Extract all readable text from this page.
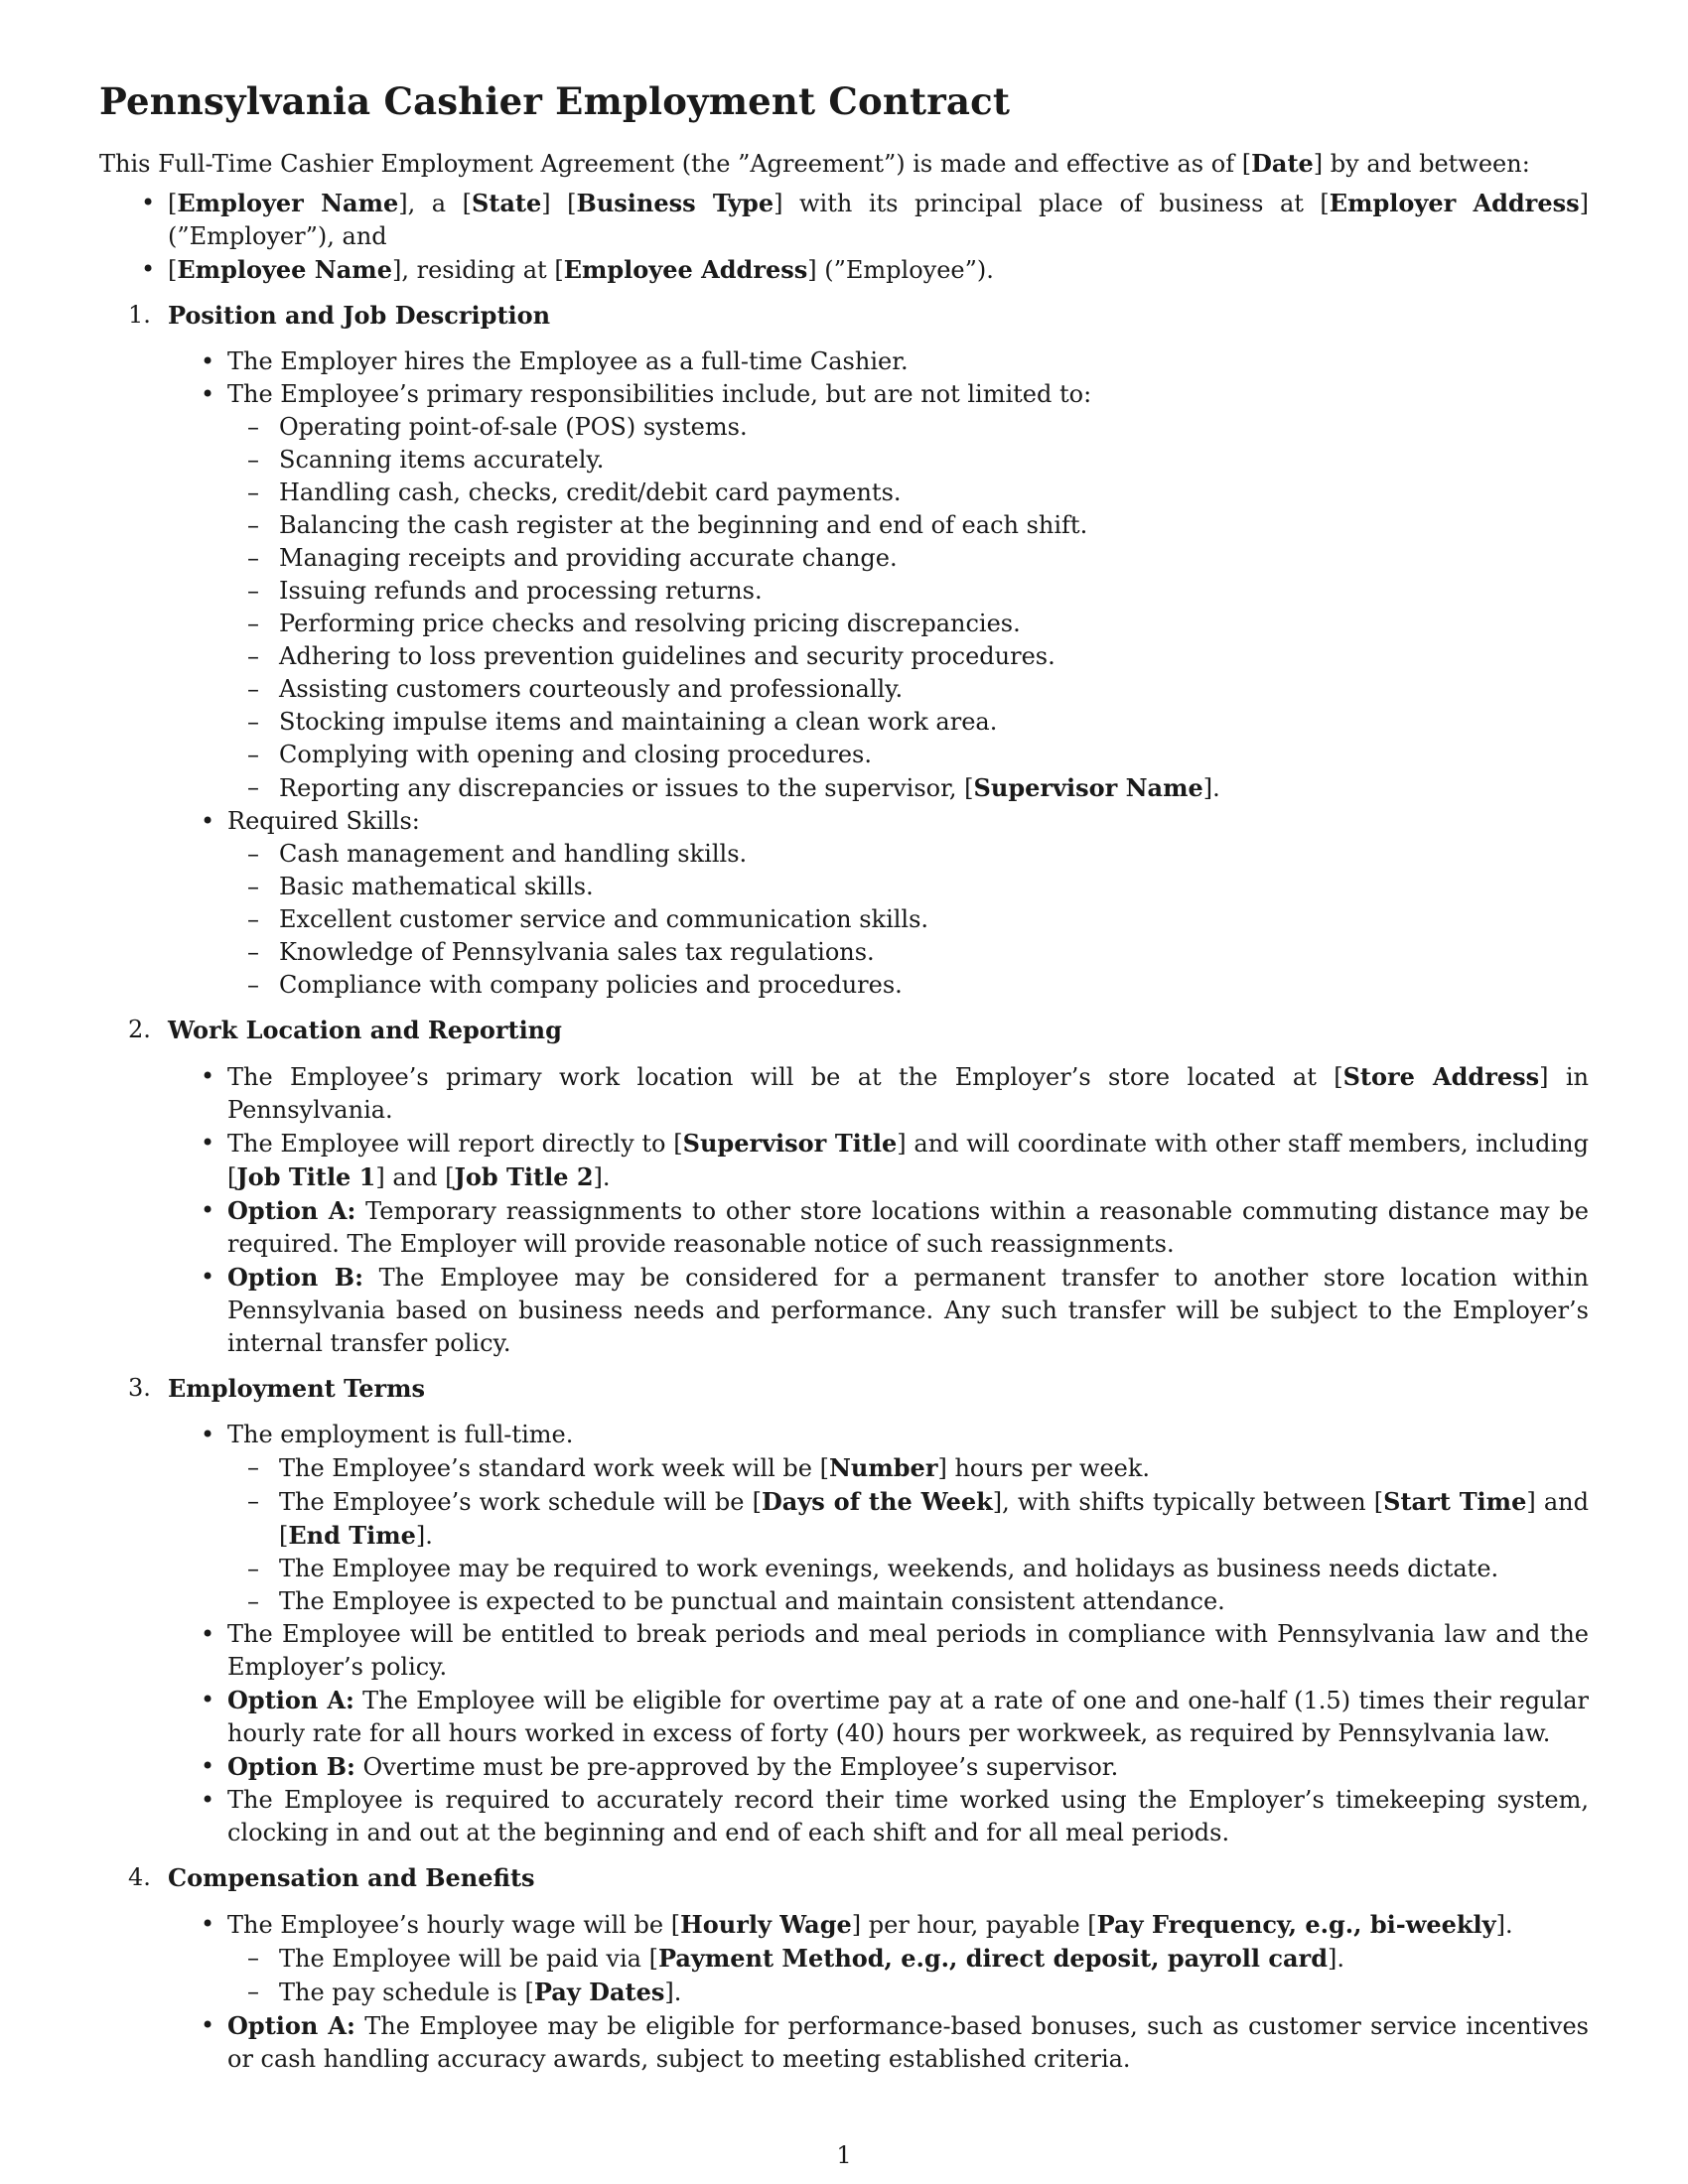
Pennsylvania Cashier Employment Contract

This Full-Time Cashier Employment Agreement (the ”Agreement”) is made and effective as of [Date] by and between:

• [Employer Name], a [State] [Business Type] with its principal place of business at [Employer Address] (”Employer”), and
• [Employee Name], residing at [Employee Address] (”Employee”).
1. Position and Job Description
• The Employer hires the Employee as a full-time Cashier.
• The Employee’s primary responsibilities include, but are not limited to:
– Operating point-of-sale (POS) systems.
– Scanning items accurately.
– Handling cash, checks, credit/debit card payments.
– Balancing the cash register at the beginning and end of each shift.
– Managing receipts and providing accurate change.
– Issuing refunds and processing returns.
– Performing price checks and resolving pricing discrepancies.
– Adhering to loss prevention guidelines and security procedures.
– Assisting customers courteously and professionally.
– Stocking impulse items and maintaining a clean work area.
– Complying with opening and closing procedures.
– Reporting any discrepancies or issues to the supervisor, [Supervisor Name].
• Required Skills:
– Cash management and handling skills.
– Basic mathematical skills.
– Excellent customer service and communication skills.
– Knowledge of Pennsylvania sales tax regulations.
– Compliance with company policies and procedures.
2. Work Location and Reporting
• The Employee’s primary work location will be at the Employer’s store located at [Store Address] in Pennsylvania.
• The Employee will report directly to [Supervisor Title] and will coordinate with other staff members, including [Job Title 1] and [Job Title 2].
• Option A: Temporary reassignments to other store locations within a reasonable commuting distance may be required. The Employer will provide reasonable notice of such reassignments.
• Option B: The Employee may be considered for a permanent transfer to another store location within Pennsylvania based on business needs and performance. Any such transfer will be subject to the Employer’s internal transfer policy.
3. Employment Terms
• The employment is full-time.
– The Employee’s standard work week will be [Number] hours per week.
– The Employee’s work schedule will be [Days of the Week], with shifts typically between [Start Time] and [End Time].
– The Employee may be required to work evenings, weekends, and holidays as business needs dictate.
– The Employee is expected to be punctual and maintain consistent attendance.
• The Employee will be entitled to break periods and meal periods in compliance with Pennsylvania law and the Employer’s policy.
• Option A: The Employee will be eligible for overtime pay at a rate of one and one-half (1.5) times their regular hourly rate for all hours worked in excess of forty (40) hours per workweek, as required by Pennsylvania law.
• Option B: Overtime must be pre-approved by the Employee’s supervisor.
• The Employee is required to accurately record their time worked using the Employer’s timekeeping system, clocking in and out at the beginning and end of each shift and for all meal periods.
4. Compensation and Benefits
• The Employee’s hourly wage will be [Hourly Wage] per hour, payable [Pay Frequency, e.g., bi-weekly].
– The Employee will be paid via [Payment Method, e.g., direct deposit, payroll card].
– The pay schedule is [Pay Dates].
• Option A: The Employee may be eligible for performance-based bonuses, such as customer service incentives or cash handling accuracy awards, subject to meeting established criteria.
1
